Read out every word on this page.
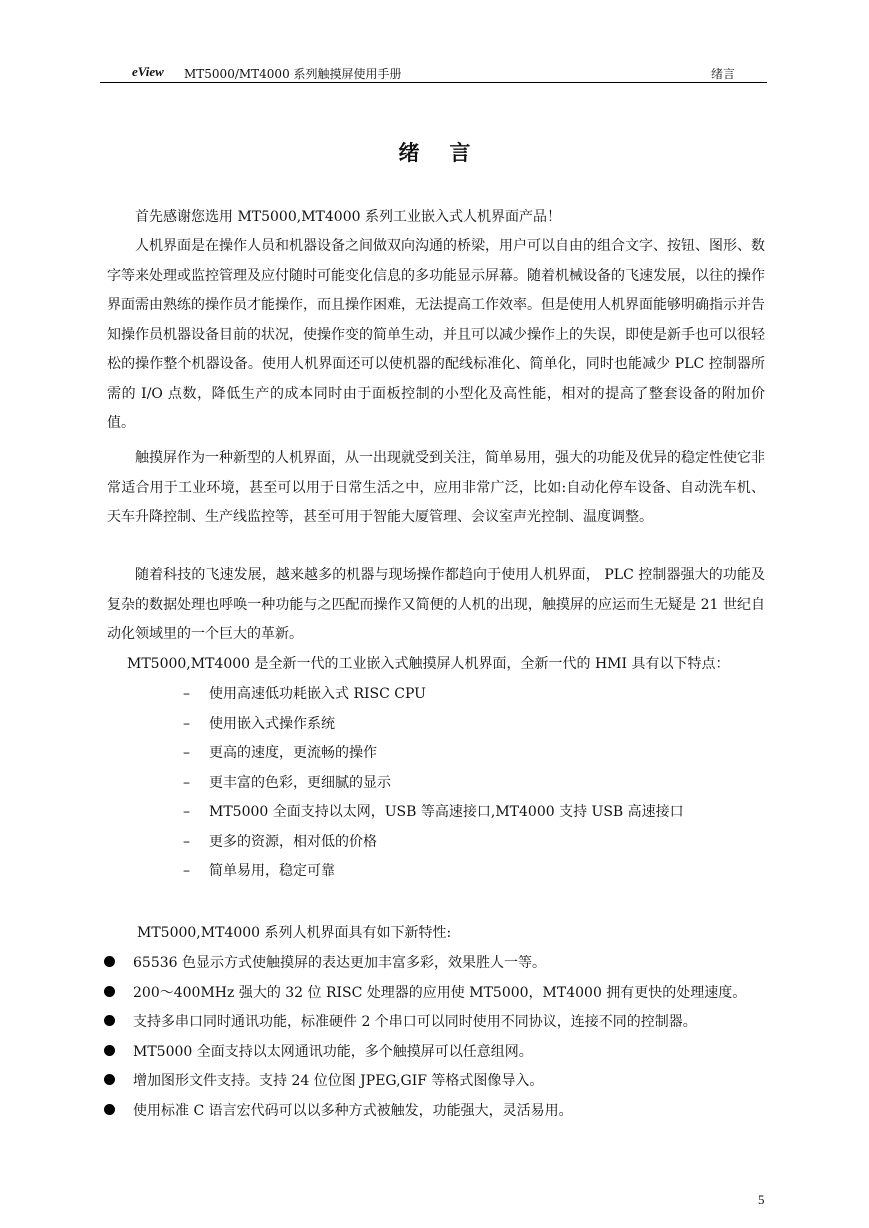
eView MT5000/MT4000 系列触摸屏使用手册	绪言
绪言

首先感谢您选用 MT5000,MT4000 系列工业嵌入式人机界面产品！

人机界面是在操作人员和机器设备之间做双向沟通的桥梁，用户可以自由的组合文字、按钮、图形、数字等来处理或监控管理及应付随时可能变化信息的多功能显示屏幕。随着机械设备的飞速发展，以往的操作界面需由熟练的操作员才能操作，而且操作困难，无法提高工作效率。但是使用人机界面能够明确指示并告知操作员机器设备目前的状况，使操作变的简单生动，并且可以减少操作上的失误，即使是新手也可以很轻松的操作整个机器设备。使用人机界面还可以使机器的配线标准化、简单化，同时也能减少 PLC 控制器所需的 I/O 点数，降低生产的成本同时由于面板控制的小型化及高性能，相对的提高了整套设备的附加价值。

触摸屏作为一种新型的人机界面，从一出现就受到关注，简单易用，强大的功能及优异的稳定性使它非常适合用于工业环境，甚至可以用于日常生活之中，应用非常广泛，比如:自动化停车设备、自动洗车机、天车升降控制、生产线监控等，甚至可用于智能大厦管理、会议室声光控制、温度调整。

随着科技的飞速发展，越来越多的机器与现场操作都趋向于使用人机界面， PLC 控制器强大的功能及复杂的数据处理也呼唤一种功能与之匹配而操作又简便的人机的出现，触摸屏的应运而生无疑是 21 世纪自动化领域里的一个巨大的革新。

MT5000,MT4000 是全新一代的工业嵌入式触摸屏人机界面，全新一代的 HMI 具有以下特点：
– 使用高速低功耗嵌入式 RISC CPU
– 使用嵌入式操作系统
– 更高的速度，更流畅的操作
– 更丰富的色彩，更细腻的显示
– MT5000 全面支持以太网，USB 等高速接口,MT4000 支持 USB 高速接口
– 更多的资源，相对低的价格
– 简单易用，稳定可靠
MT5000,MT4000 系列人机界面具有如下新特性:
65536 色显示方式使触摸屏的表达更加丰富多彩，效果胜人一等。
200～400MHz 强大的 32 位 RISC 处理器的应用使 MT5000，MT4000 拥有更快的处理速度。
支持多串口同时通讯功能，标准硬件 2 个串口可以同时使用不同协议，连接不同的控制器。
MT5000 全面支持以太网通讯功能，多个触摸屏可以任意组网。
增加图形文件支持。支持 24 位位图 JPEG,GIF 等格式图像导入。
使用标准 C 语言宏代码可以以多种方式被触发，功能强大，灵活易用。
5
